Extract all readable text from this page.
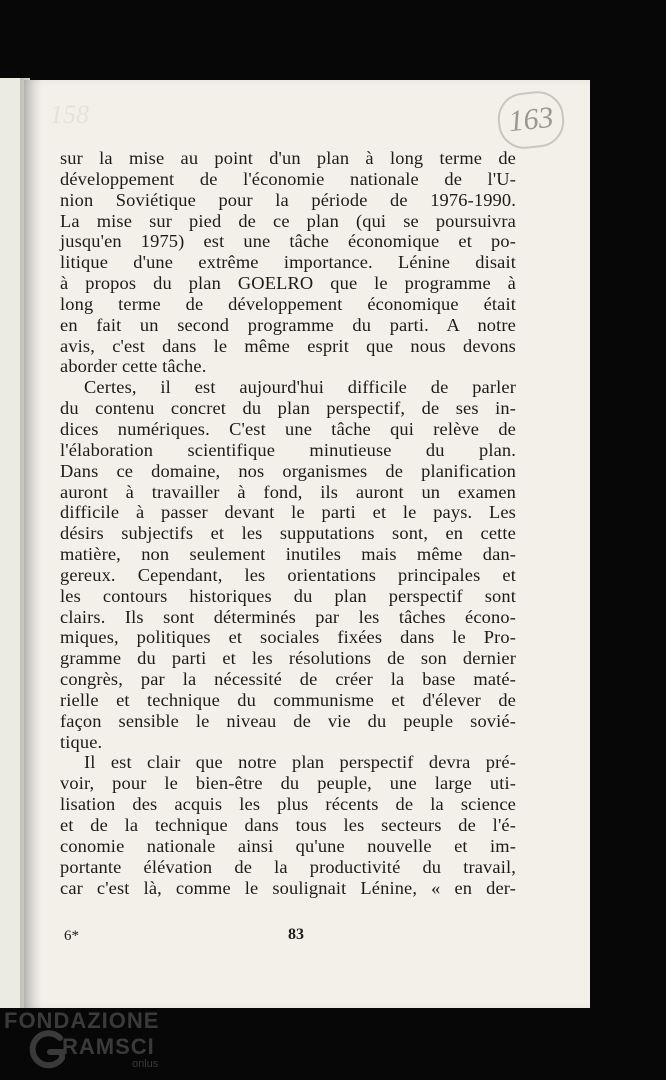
158	163
sur la mise au point d'un plan à long terme de
développement de l'économie nationale de l'U-
nion Soviétique pour la période de 1976-1990.
La mise sur pied de ce plan (qui se poursuivra
jusqu'en 1975) est une tâche économique et po-
litique d'une extrême importance. Lénine disait
à propos du plan GOELRO que le programme à
long terme de développement économique était
en fait un second programme du parti. A notre
avis, c'est dans le même esprit que nous devons
aborder cette tâche.
Certes, il est aujourd'hui difficile de parler
du contenu concret du plan perspectif, de ses in-
dices numériques. C'est une tâche qui relève de
l'élaboration scientifique minutieuse du plan.
Dans ce domaine, nos organismes de planification
auront à travailler à fond, ils auront un examen
difficile à passer devant le parti et le pays. Les
désirs subjectifs et les supputations sont, en cette
matière, non seulement inutiles mais même dan-
gereux. Cependant, les orientations principales et
les contours historiques du plan perspectif sont
clairs. Ils sont déterminés par les tâches écono-
miques, politiques et sociales fixées dans le Pro-
gramme du parti et les résolutions de son dernier
congrès, par la nécessité de créer la base maté-
rielle et technique du communisme et d'élever de
façon sensible le niveau de vie du peuple sovié-
tique.
Il est clair que notre plan perspectif devra pré-
voir, pour le bien-être du peuple, une large uti-
lisation des acquis les plus récents de la science
et de la technique dans tous les secteurs de l'é-
conomie nationale ainsi qu'une nouvelle et im-
portante élévation de la productivité du travail,
car c'est là, comme le soulignait Lénine, « en der-
6*	83
FONDAZIONE
RAMSCI
onlus
